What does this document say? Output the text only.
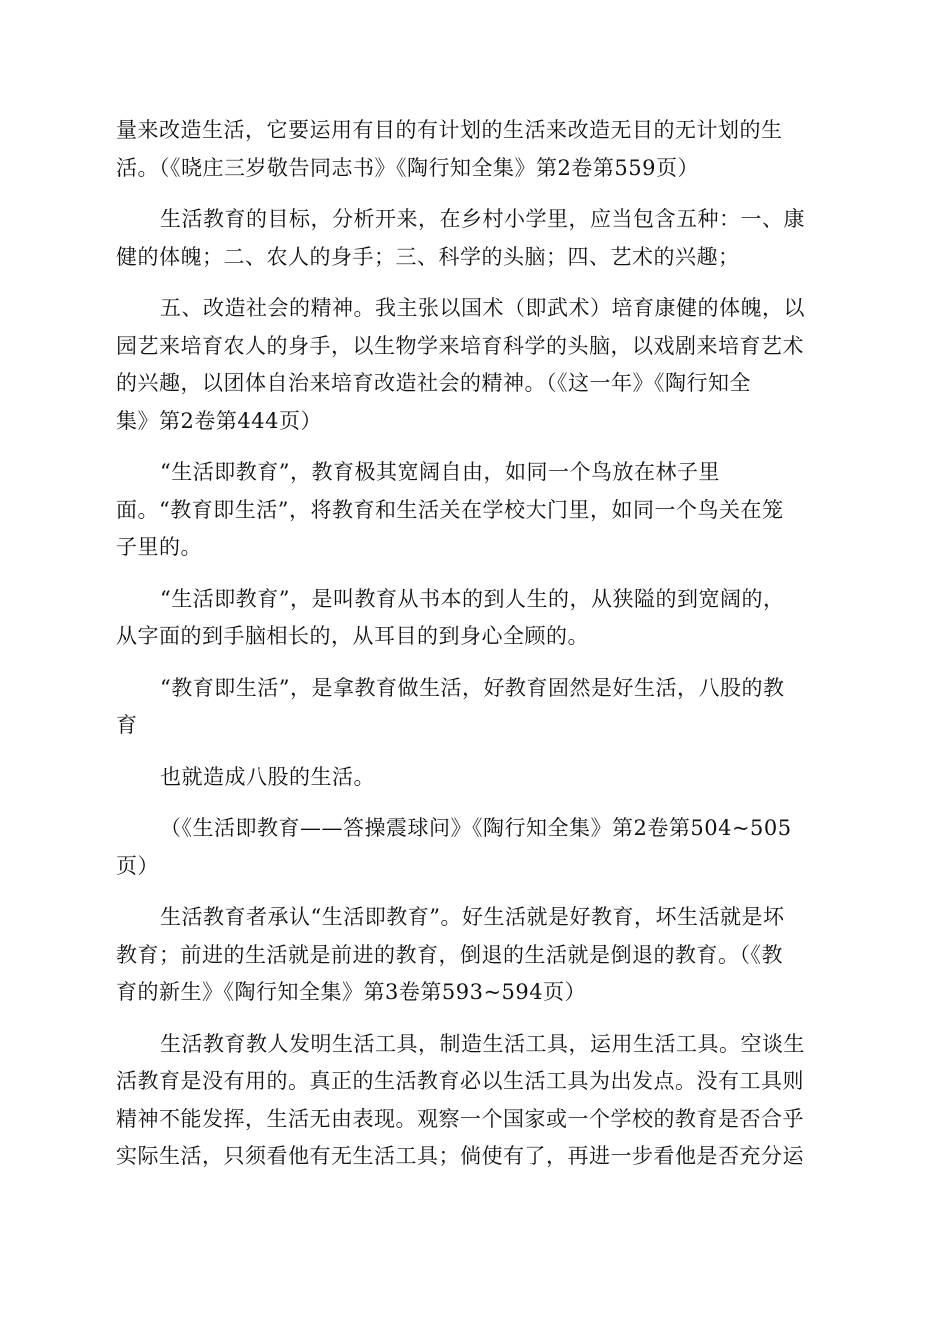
量来改造生活，它要运用有目的有计划的生活来改造无目的无计划的生
活。（《晓庄三岁敬告同志书》《陶行知全集》第2卷第559页）

生活教育的目标，分析开来，在乡村小学里，应当包含五种：一、康
健的体魄；二、农人的身手；三、科学的头脑；四、艺术的兴趣；

五、改造社会的精神。我主张以国术（即武术）培育康健的体魄，以
园艺来培育农人的身手，以生物学来培育科学的头脑，以戏剧来培育艺术
的兴趣，以团体自治来培育改造社会的精神。（《这一年》《陶行知全
集》第2卷第444页）

“生活即教育”，教育极其宽阔自由，如同一个鸟放在林子里
面。“教育即生活”，将教育和生活关在学校大门里，如同一个鸟关在笼
子里的。

“生活即教育”，是叫教育从书本的到人生的，从狭隘的到宽阔的，
从字面的到手脑相长的，从耳目的到身心全顾的。

“教育即生活”，是拿教育做生活，好教育固然是好生活，八股的教
育

也就造成八股的生活。

（《生活即教育——答操震球问》《陶行知全集》第2卷第504~505
页）

生活教育者承认“生活即教育”。好生活就是好教育，坏生活就是坏
教育；前进的生活就是前进的教育，倒退的生活就是倒退的教育。（《教
育的新生》《陶行知全集》第3卷第593~594页）

生活教育教人发明生活工具，制造生活工具，运用生活工具。空谈生
活教育是没有用的。真正的生活教育必以生活工具为出发点。没有工具则
精神不能发挥，生活无由表现。观察一个国家或一个学校的教育是否合乎
实际生活，只须看他有无生活工具；倘使有了，再进一步看他是否充分运
